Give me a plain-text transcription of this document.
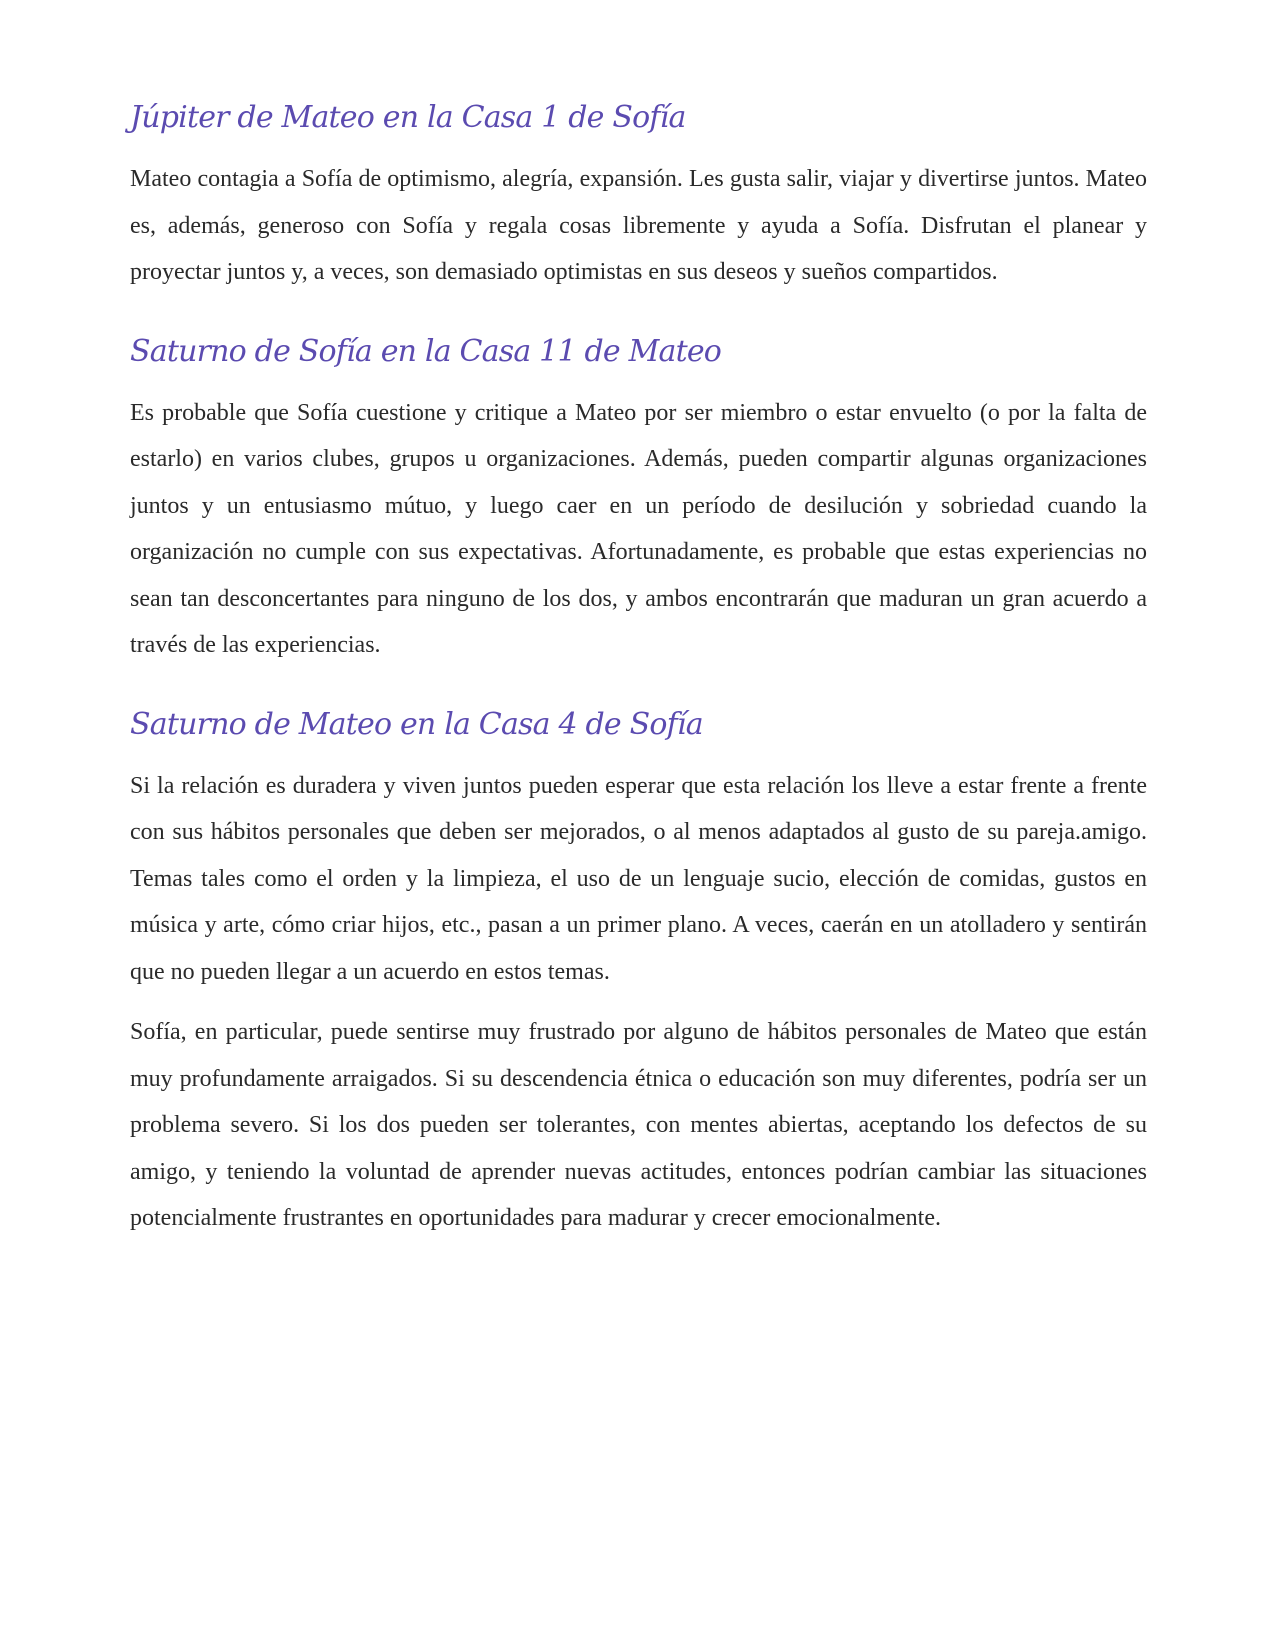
Júpiter de Mateo en la Casa 1 de Sofía

Mateo contagia a Sofía de optimismo, alegría, expansión. Les gusta salir, viajar y divertirse juntos. Mateo es, además, generoso con Sofía y regala cosas libremente y ayuda a Sofía. Disfrutan el planear y proyectar juntos y, a veces, son demasiado optimistas en sus deseos y sueños compartidos.

Saturno de Sofía en la Casa 11 de Mateo

Es probable que Sofía cuestione y critique a Mateo por ser miembro o estar envuelto (o por la falta de estarlo) en varios clubes, grupos u organizaciones. Además, pueden compartir algunas organizaciones juntos y un entusiasmo mútuo, y luego caer en un período de desilución y sobriedad cuando la organización no cumple con sus expectativas. Afortunadamente, es probable que estas experiencias no sean tan desconcertantes para ninguno de los dos, y ambos encontrarán que maduran un gran acuerdo a través de las experiencias.

Saturno de Mateo en la Casa 4 de Sofía

Si la relación es duradera y viven juntos pueden esperar que esta relación los lleve a estar frente a frente con sus hábitos personales que deben ser mejorados, o al menos adaptados al gusto de su pareja.amigo. Temas tales como el orden y la limpieza, el uso de un lenguaje sucio, elección de comidas, gustos en música y arte, cómo criar hijos, etc., pasan a un primer plano. A veces, caerán en un atolladero y sentirán que no pueden llegar a un acuerdo en estos temas.

Sofía, en particular, puede sentirse muy frustrado por alguno de hábitos personales de Mateo que están muy profundamente arraigados. Si su descendencia étnica o educación son muy diferentes, podría ser un problema severo. Si los dos pueden ser tolerantes, con mentes abiertas, aceptando los defectos de su amigo, y teniendo la voluntad de aprender nuevas actitudes, entonces podrían cambiar las situaciones potencialmente frustrantes en oportunidades para madurar y crecer emocionalmente.
